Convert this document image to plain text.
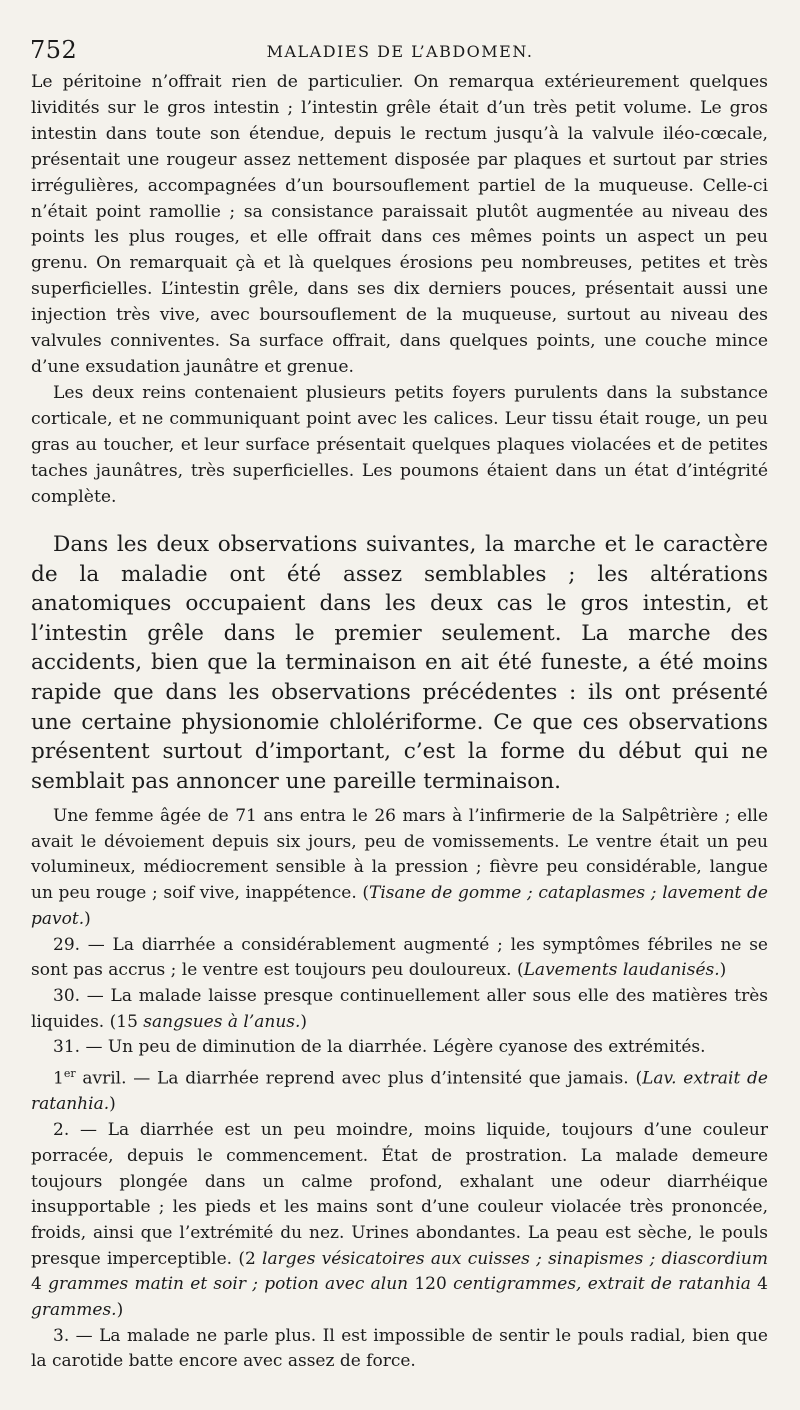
752	MALADIES DE L’ABDOMEN.

Le péritoine n’offrait rien de particulier. On remarqua extérieurement quelques lividités sur le gros intestin ; l’intestin grêle était d’un très petit volume. Le gros intestin dans toute son étendue, depuis le rectum jusqu’à la valvule iléo-cœcale, présentait une rougeur assez nettement disposée par plaques et surtout par stries irrégulières, accompagnées d’un boursouflement partiel de la muqueuse. Celle-ci n’était point ramollie ; sa consistance paraissait plutôt augmentée au niveau des points les plus rouges, et elle offrait dans ces mêmes points un aspect un peu grenu. On remarquait çà et là quelques érosions peu nombreuses, petites et très superficielles. L’intestin grêle, dans ses dix derniers pouces, présentait aussi une injection très vive, avec boursouflement de la muqueuse, surtout au niveau des valvules conniventes. Sa surface offrait, dans quelques points, une couche mince d’une exsudation jaunâtre et grenue.

Les deux reins contenaient plusieurs petits foyers purulents dans la substance corticale, et ne communiquant point avec les calices. Leur tissu était rouge, un peu gras au toucher, et leur surface présentait quelques plaques violacées et de petites taches jaunâtres, très superficielles. Les poumons étaient dans un état d’intégrité complète.

Dans les deux observations suivantes, la marche et le caractère de la maladie ont été assez semblables ; les altérations anatomiques occupaient dans les deux cas le gros intestin, et l’intestin grêle dans le premier seulement. La marche des accidents, bien que la terminaison en ait été funeste, a été moins rapide que dans les observations précédentes : ils ont présenté une certaine physionomie chlolériforme. Ce que ces observations présentent surtout d’important, c’est la forme du début qui ne semblait pas annoncer une pareille terminaison.

Une femme âgée de 71 ans entra le 26 mars à l’infirmerie de la Salpêtrière ; elle avait le dévoiement depuis six jours, peu de vomissements. Le ventre était un peu volumineux, médiocrement sensible à la pression ; fièvre peu considérable, langue un peu rouge ; soif vive, inappétence. (Tisane de gomme ; cataplasmes ; lavement de pavot.)

29. — La diarrhée a considérablement augmenté ; les symptômes fébriles ne se sont pas accrus ; le ventre est toujours peu douloureux. (Lavements laudanisés.)

30. — La malade laisse presque continuellement aller sous elle des matières très liquides. (15 sangsues à l’anus.)

31. — Un peu de diminution de la diarrhée. Légère cyanose des extrémités.

1er avril. — La diarrhée reprend avec plus d’intensité que jamais. (Lav. extrait de ratanhia.)

2. — La diarrhée est un peu moindre, moins liquide, toujours d’une couleur porracée, depuis le commencement. État de prostration. La malade demeure toujours plongée dans un calme profond, exhalant une odeur diarrhéique insupportable ; les pieds et les mains sont d’une couleur violacée très prononcée, froids, ainsi que l’extrémité du nez. Urines abondantes. La peau est sèche, le pouls presque imperceptible. (2 larges vésicatoires aux cuisses ; sinapismes ; diascordium 4 grammes matin et soir ; potion avec alun 120 centigrammes, extrait de ratanhia 4 grammes.)

3. — La malade ne parle plus. Il est impossible de sentir le pouls radial, bien que la carotide batte encore avec assez de force.
